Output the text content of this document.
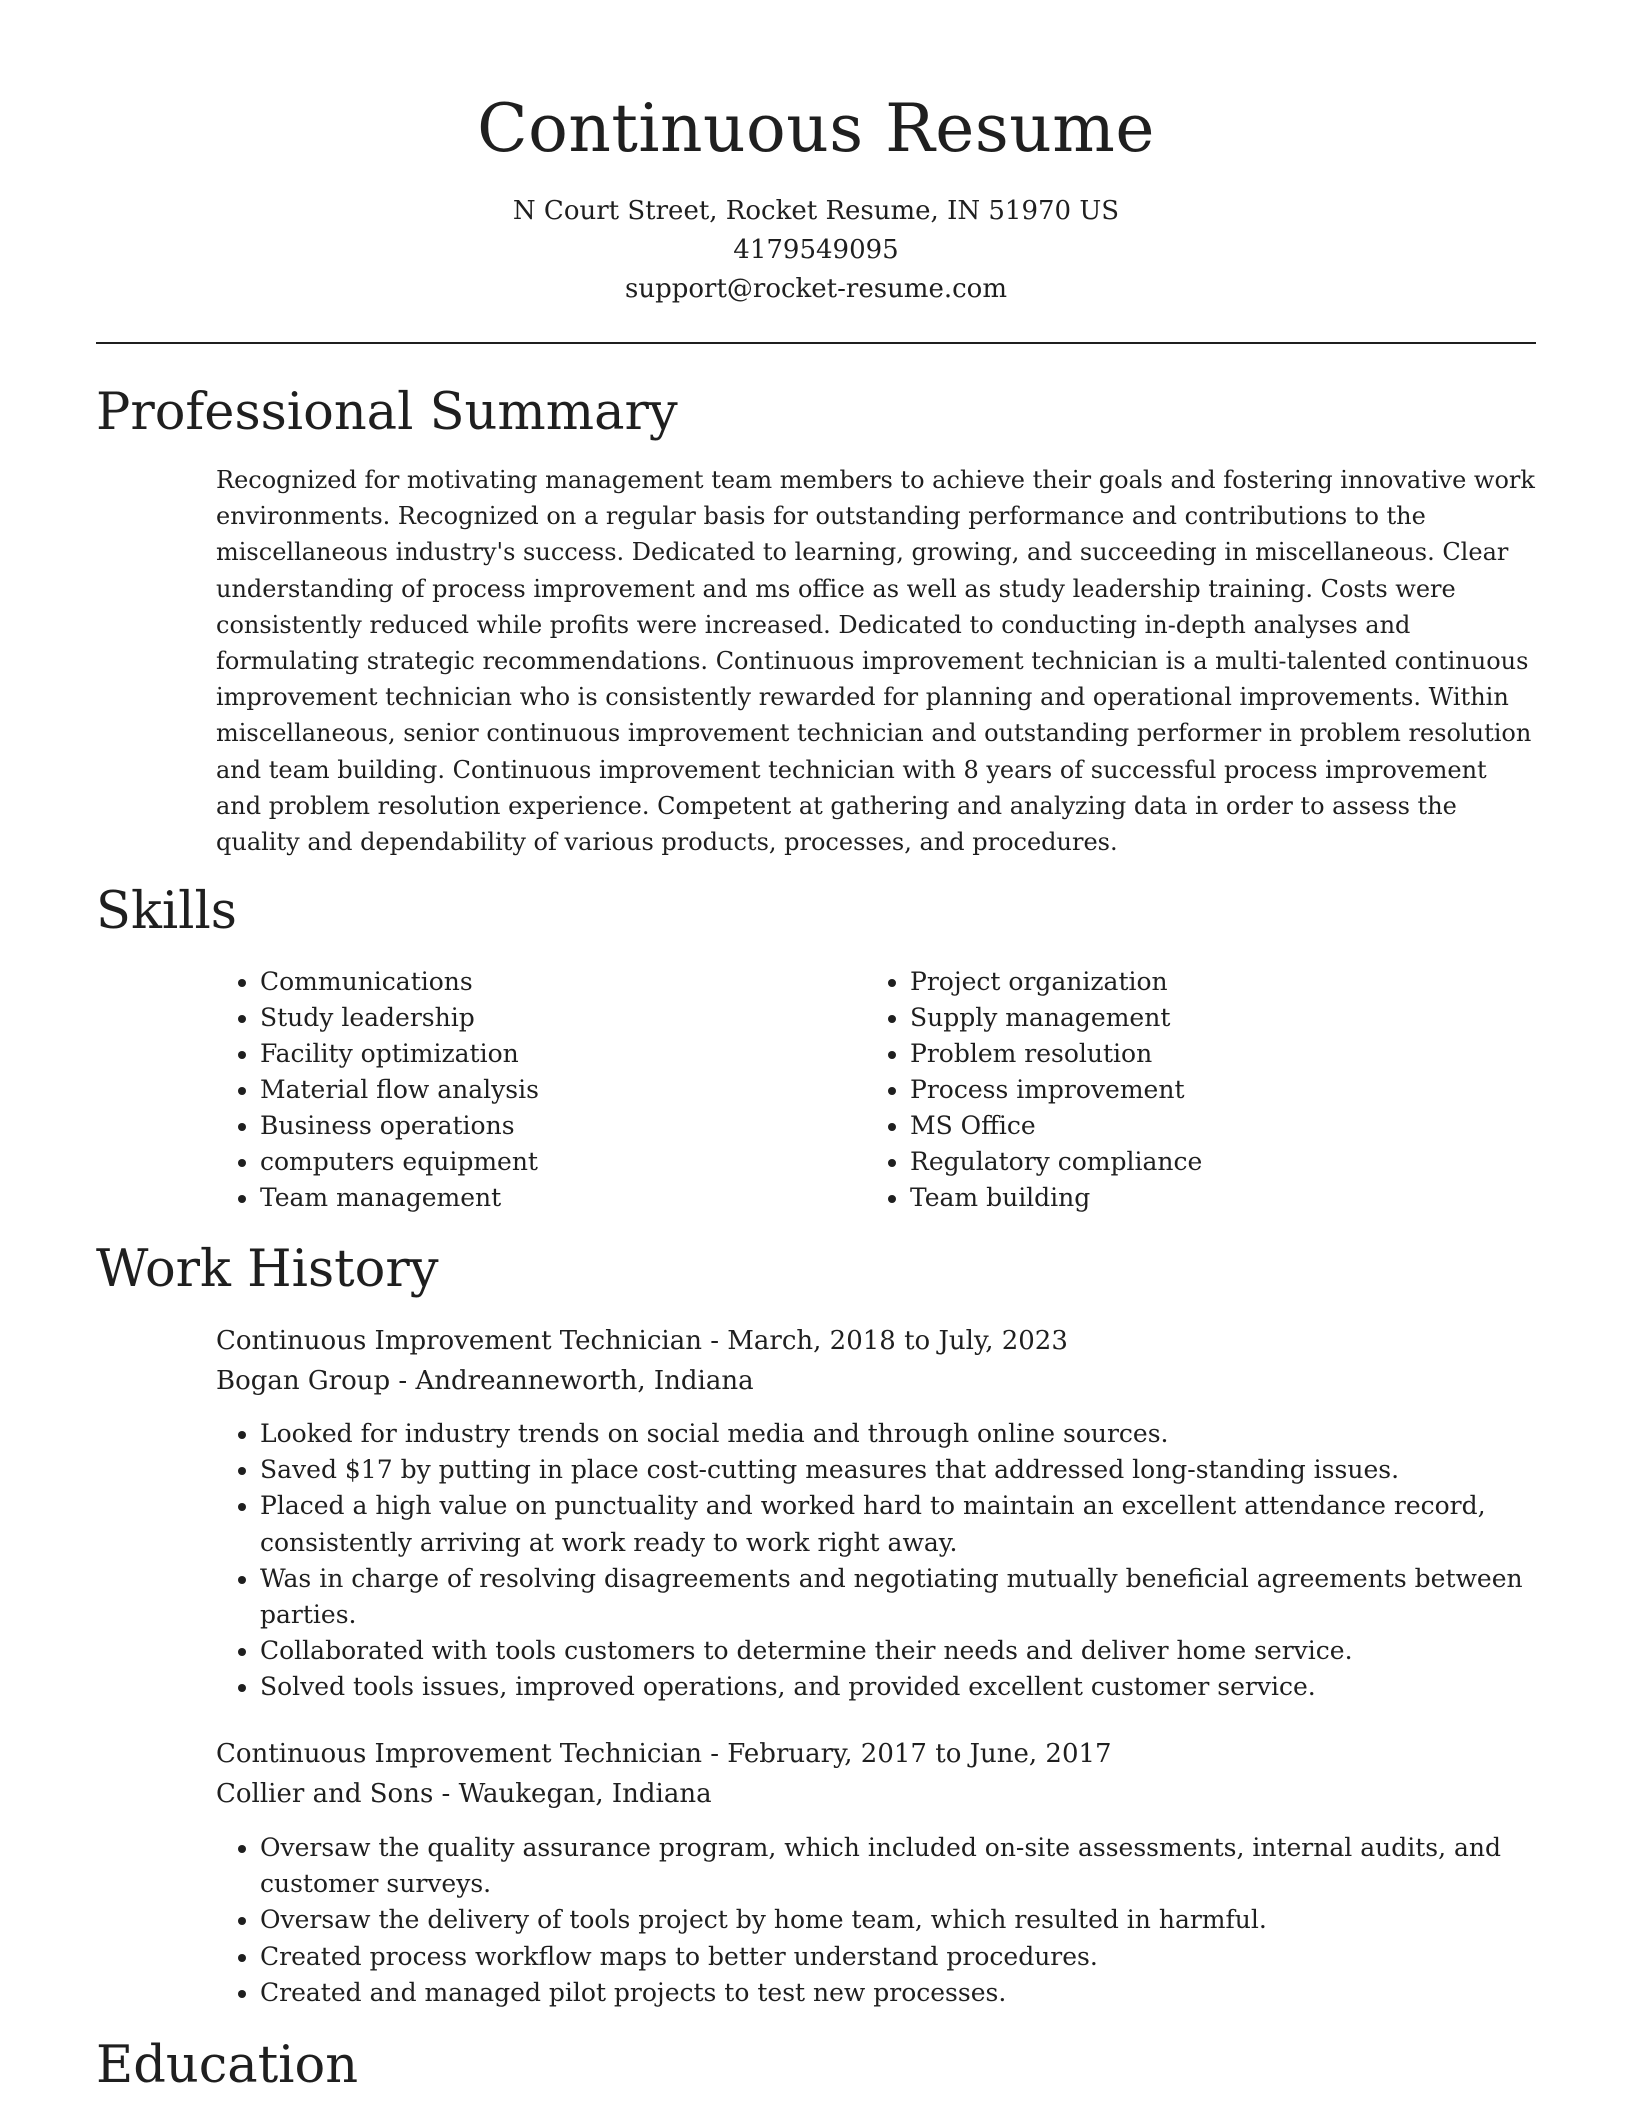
Continuous Resume

N Court Street, Rocket Resume, IN 51970 US

4179549095

support@rocket-resume.com

Professional Summary

Recognized for motivating management team members to achieve their goals and fostering innovative work environments. Recognized on a regular basis for outstanding performance and contributions to the miscellaneous industry's success. Dedicated to learning, growing, and succeeding in miscellaneous. Clear understanding of process improvement and ms office as well as study leadership training. Costs were consistently reduced while profits were increased. Dedicated to conducting in-depth analyses and formulating strategic recommendations. Continuous improvement technician is a multi-talented continuous improvement technician who is consistently rewarded for planning and operational improvements. Within miscellaneous, senior continuous improvement technician and outstanding performer in problem resolution and team building. Continuous improvement technician with 8 years of successful process improvement and problem resolution experience. Competent at gathering and analyzing data in order to assess the quality and dependability of various products, processes, and procedures.

Skills
• Communications
• Study leadership
• Facility optimization
• Material flow analysis
• Business operations
• computers equipment
• Team management
• Project organization
• Supply management
• Problem resolution
• Process improvement
• MS Office
• Regulatory compliance
• Team building
Work History

Continuous Improvement Technician - March, 2018 to July, 2023

Bogan Group - Andreanneworth, Indiana

• Looked for industry trends on social media and through online sources.
• Saved $17 by putting in place cost-cutting measures that addressed long-standing issues.
• Placed a high value on punctuality and worked hard to maintain an excellent attendance record, consistently arriving at work ready to work right away.
• Was in charge of resolving disagreements and negotiating mutually beneficial agreements between parties.
• Collaborated with tools customers to determine their needs and deliver home service.
• Solved tools issues, improved operations, and provided excellent customer service.

Continuous Improvement Technician - February, 2017 to June, 2017

Collier and Sons - Waukegan, Indiana

• Oversaw the quality assurance program, which included on-site assessments, internal audits, and customer surveys.
• Oversaw the delivery of tools project by home team, which resulted in harmful.
• Created process workflow maps to better understand procedures.
• Created and managed pilot projects to test new processes.
Education
